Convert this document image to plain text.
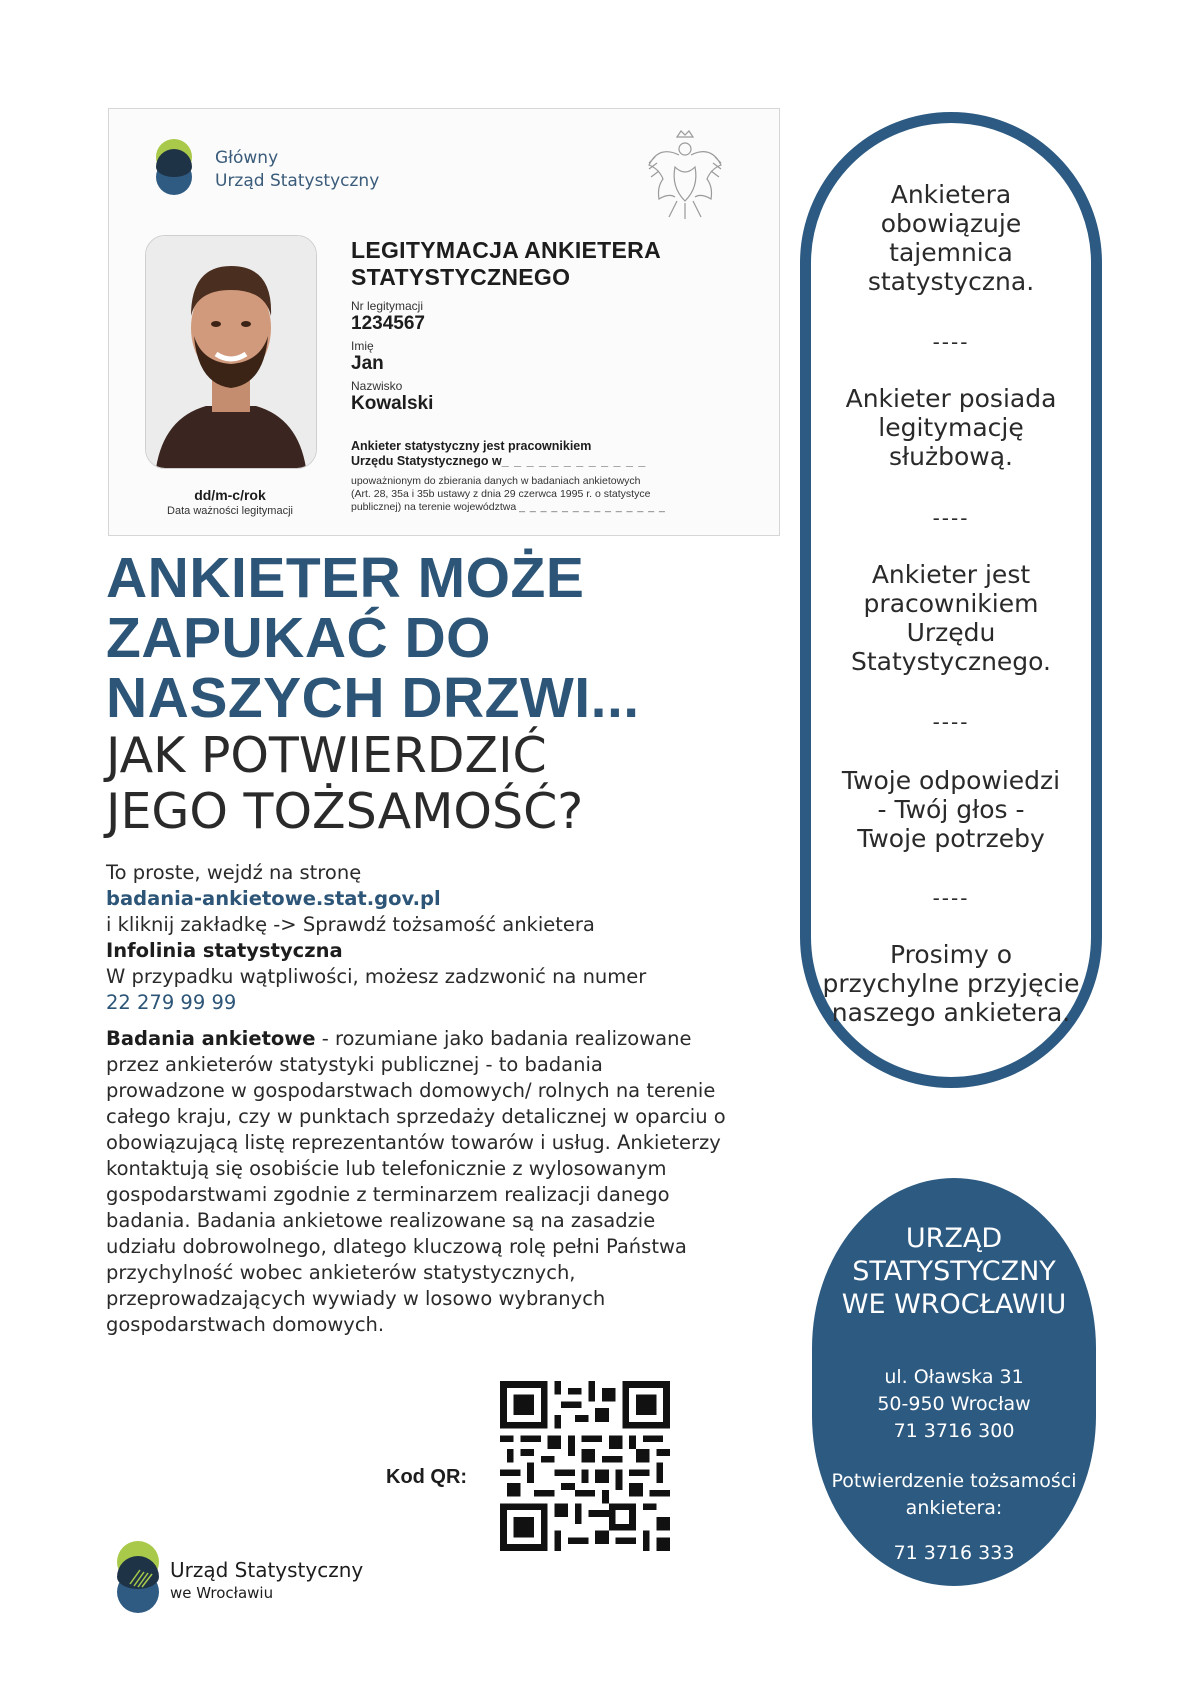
Główny
Urząd Statystyczny
LEGITYMACJA ANKIETERA
STATYSTYCZNEGO
Nr legitymacji
1234567
Imię
Jan
Nazwisko
Kowalski
Ankieter statystyczny jest pracownikiem
Urzędu Statystycznego w_ _ _ _ _ _ _ _ _ _ _ _
upoważnionym do zbierania danych w badaniach ankietowych
(Art. 28, 35a i 35b ustawy z dnia 29 czerwca 1995 r. o statystyce
publicznej) na terenie województwa _ _ _ _ _ _ _ _ _ _ _ _ _ _
dd/m-c/rok
Data ważności legitymacji
ANKIETER MOŻE
ZAPUKAĆ DO
NASZYCH DRZWI...
JAK POTWIERDZIĆ
JEGO TOŻSAMOŚĆ?
To proste, wejdź na stronę
badania-ankietowe.stat.gov.pl
i kliknij zakładkę -> Sprawdź tożsamość ankietera
Infolinia statystyczna
W przypadku wątpliwości, możesz zadzwonić na numer
22 279 99 99
Badania ankietowe - rozumiane jako badania realizowane
przez ankieterów statystyki publicznej - to badania
prowadzone w gospodarstwach domowych/ rolnych na terenie
całego kraju, czy w punktach sprzedaży detalicznej w oparciu o
obowiązującą listę reprezentantów towarów i usług. Ankieterzy
kontaktują się osobiście lub telefonicznie z wylosowanym
gospodarstwami zgodnie z terminarzem realizacji danego
badania. Badania ankietowe realizowane są na zasadzie
udziału dobrowolnego, dlatego kluczową rolę pełni Państwa
przychylność wobec ankieterów statystycznych,
przeprowadzających wywiady w losowo wybranych
gospodarstwach domowych.
Ankietera
obowiązuje
tajemnica
statystyczna.
----
Ankieter posiada
legitymację
służbową.
----
Ankieter jest
pracownikiem
Urzędu
Statystycznego.
----
Twoje odpowiedzi
- Twój głos -
Twoje potrzeby
----
Prosimy o
przychylne przyjęcie
naszego ankietera.
URZĄD
STATYSTYCZNY
WE WROCŁAWIU
ul. Oławska 31
50-950 Wrocław
71 3716 300
Potwierdzenie tożsamości
ankietera:
71 3716 333
Kod QR:
Urząd Statystyczny
we Wrocławiu
